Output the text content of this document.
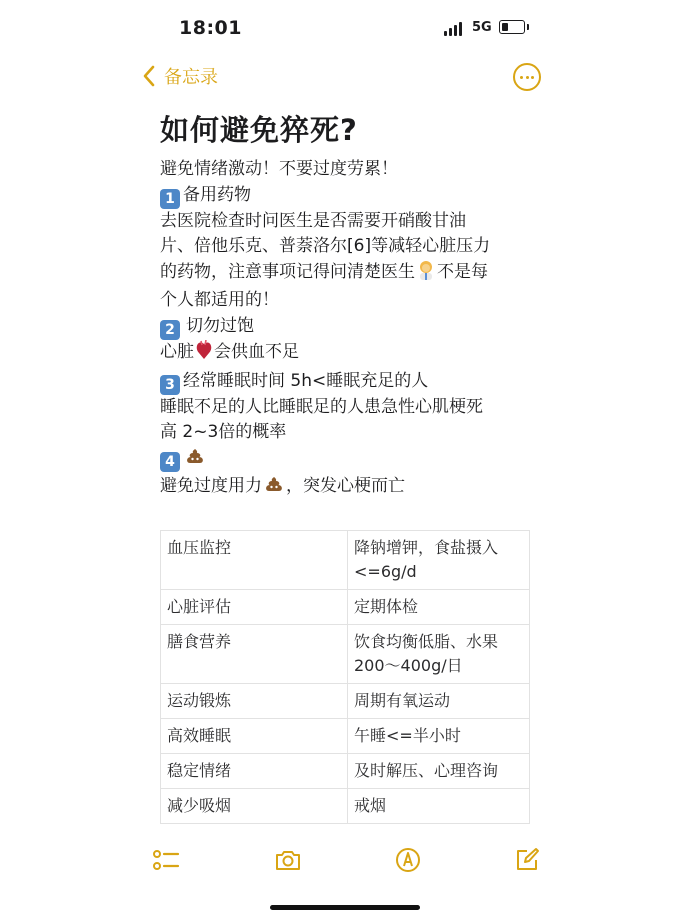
18:01	5G
备忘录
如何避免猝死?
避免情绪激动！不要过度劳累！
1 备用药物
去医院检查时问医生是否需要开硝酸甘油
片、倍他乐克、普萘洛尔[6]等减轻心脏压力
的药物，注意事项记得问清楚医生 不是每
个人都适用的！
2 切勿过饱
心脏 会供血不足
3 经常睡眠时间 5h<睡眠充足的人
睡眠不足的人比睡眠足的人患急性心肌梗死
高 2~3倍的概率
4
避免过度用力 ，突发心梗而亡
血压监控	降钠增钾，食盐摄入<=6g/d
心脏评估	定期体检
膳食营养	饮食均衡低脂、水果200～400g/日
运动锻炼	周期有氧运动
高效睡眠	午睡<=半小时
稳定情绪	及时解压、心理咨询
减少吸烟	戒烟
